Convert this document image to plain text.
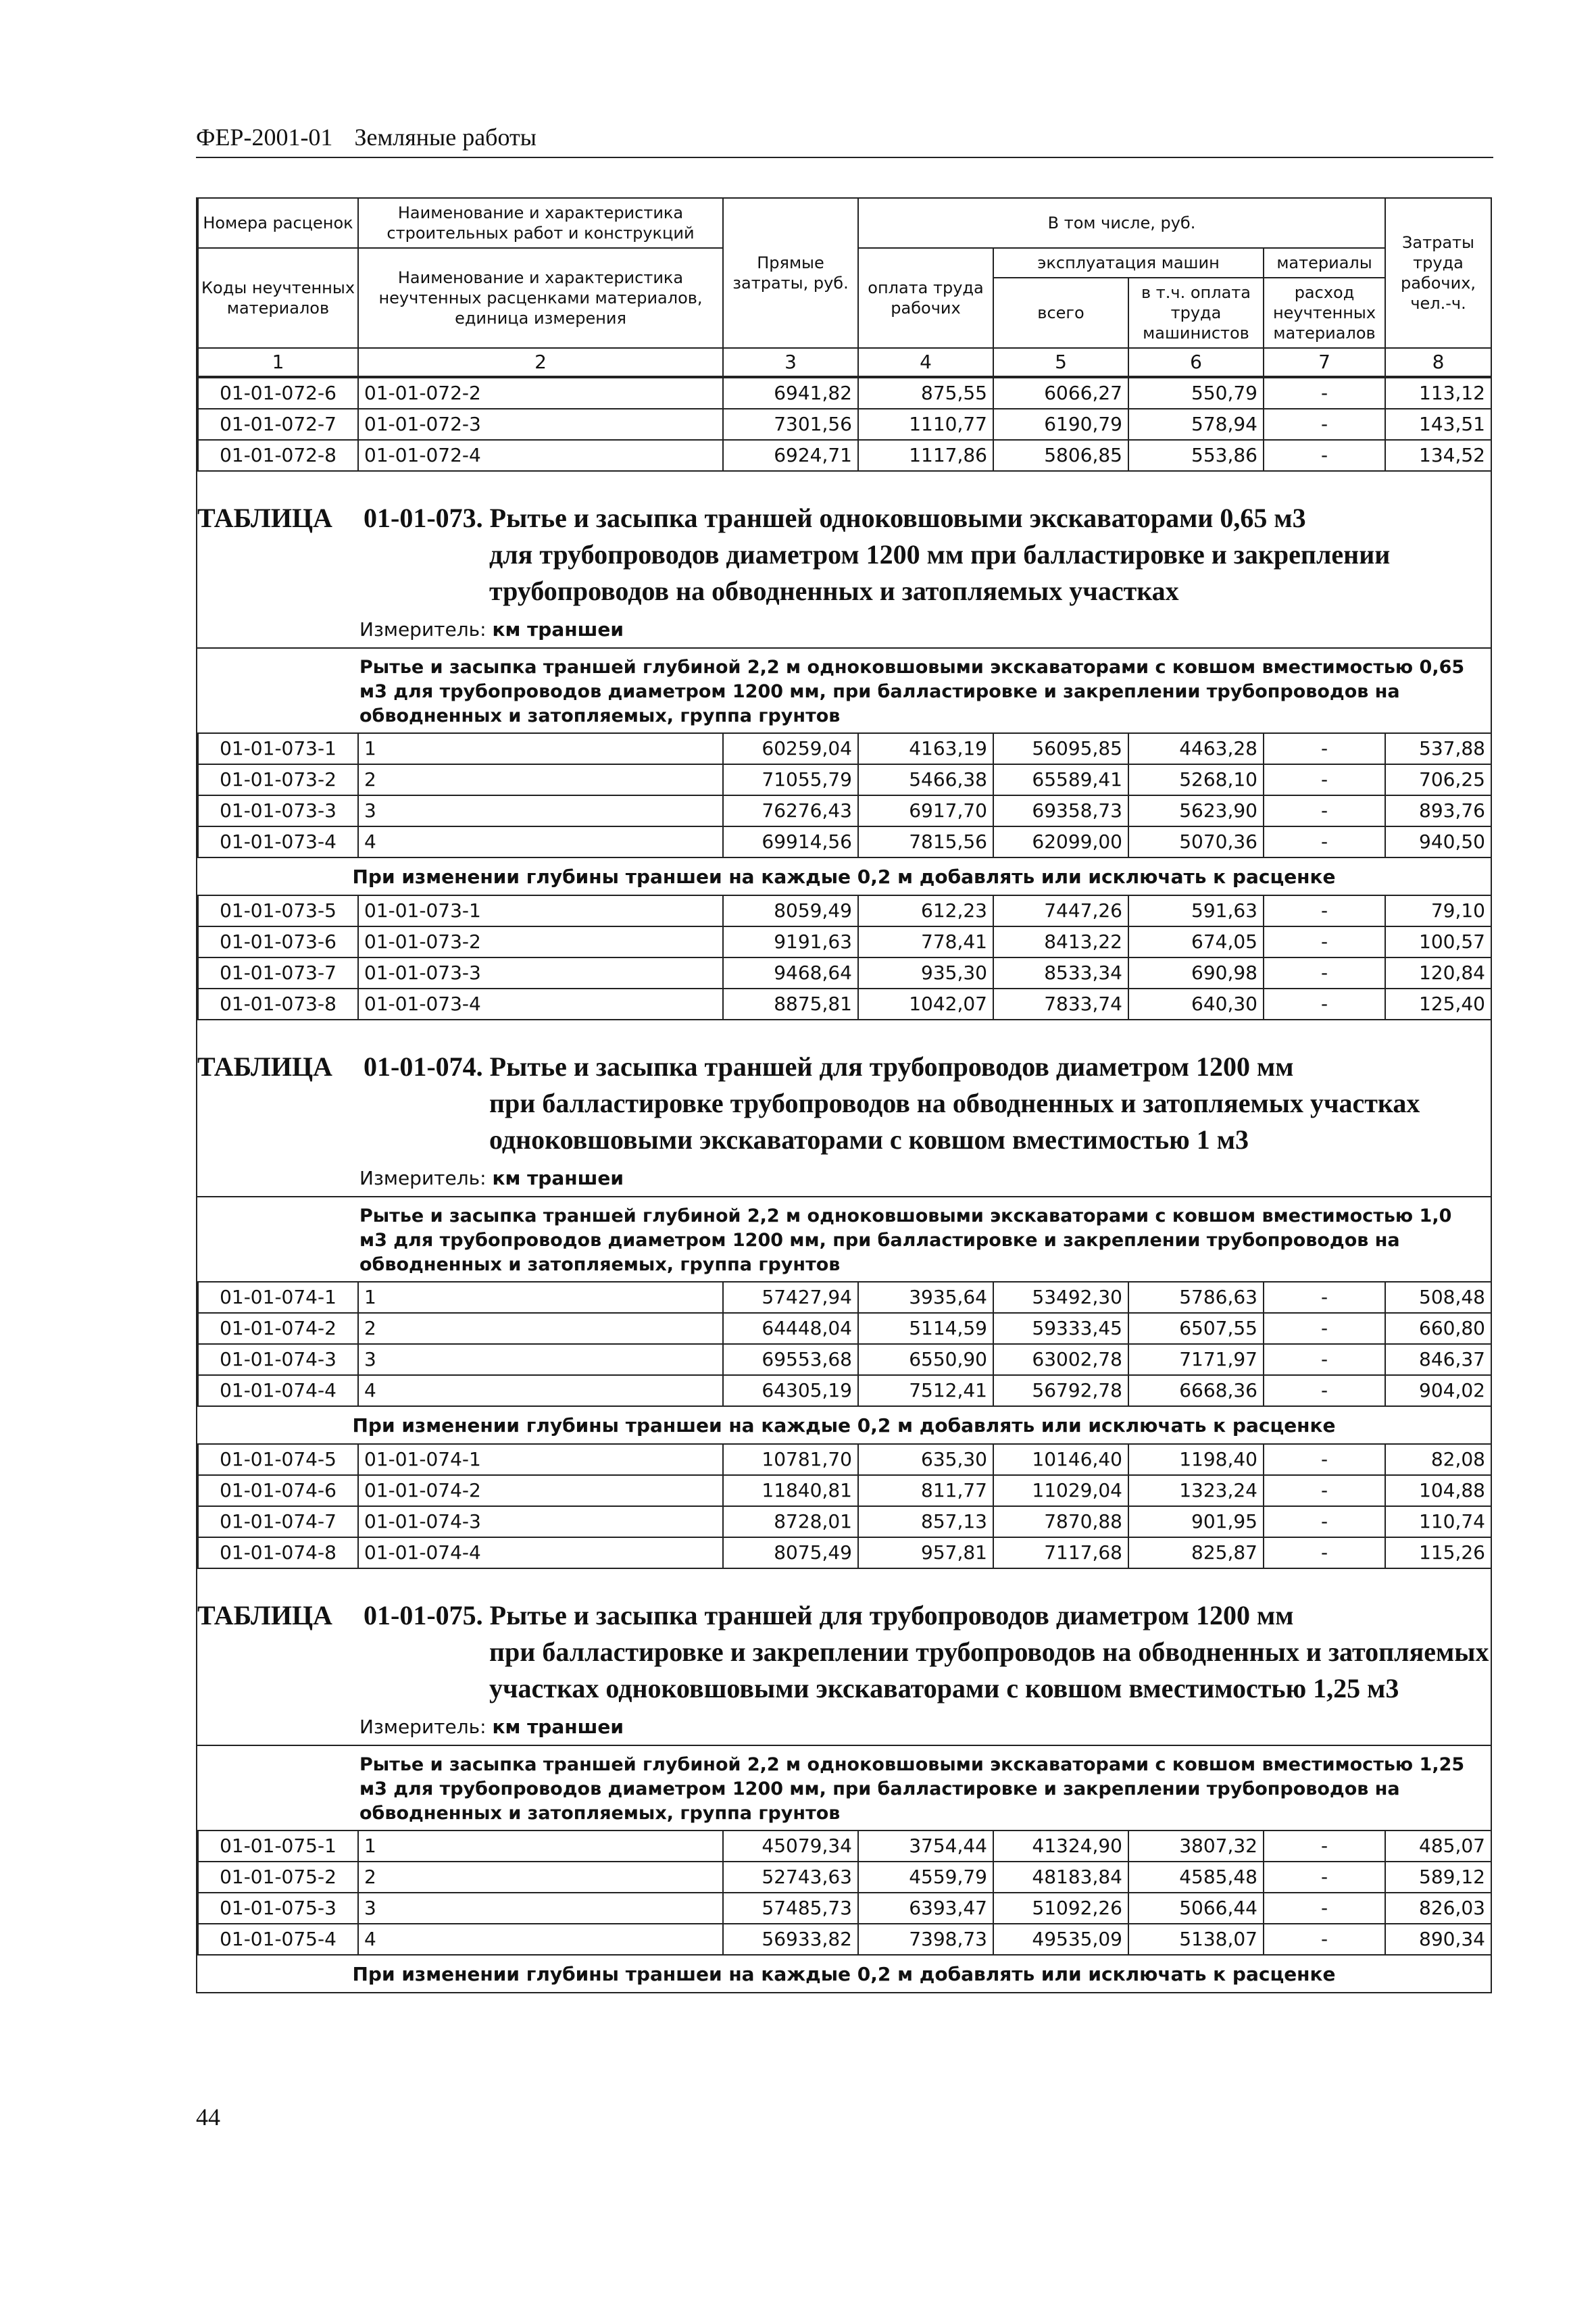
ФЕР-2001-01 Земляные работы
Номера расценок	Наименование и характеристика строительных работ и конструкций	Прямые затраты, руб.	В том числе, руб.				Затраты труда рабочих, чел.-ч.
Коды неучтенных материалов	Наименование и характеристика неучтенных расценками материалов, единица измерения		оплата труда рабочих	эксплуатация машин		материалы	
				всего	в т.ч. оплата труда машинистов	расход неучтенных материалов	
1	2	3	4	5	6	7	8
01-01-072-6	01-01-072-2	6941,82	875,55	6066,27	550,79	-	113,12
01-01-072-7	01-01-072-3	7301,56	1110,77	6190,79	578,94	-	143,51
01-01-072-8	01-01-072-4	6924,71	1117,86	5806,85	553,86	-	134,52
ТАБЛИЦА 01-01-073. Рытье и засыпка траншей одноковшовыми экскаваторами 0,65 м3
для трубопроводов диаметром 1200 мм при балластировке и закреплении трубопроводов на обводненных и затопляемых участках
Измеритель: км траншеи
Рытье и засыпка траншей глубиной 2,2 м одноковшовыми экскаваторами с ковшом вместимостью 0,65 м3 для трубопроводов диаметром 1200 мм, при балластировке и закреплении трубопроводов на обводненных и затопляемых, группа грунтов
01-01-073-1	1	60259,04	4163,19	56095,85	4463,28	-	537,88
01-01-073-2	2	71055,79	5466,38	65589,41	5268,10	-	706,25
01-01-073-3	3	76276,43	6917,70	69358,73	5623,90	-	893,76
01-01-073-4	4	69914,56	7815,56	62099,00	5070,36	-	940,50
При изменении глубины траншеи на каждые 0,2 м добавлять или исключать к расценке
01-01-073-5	01-01-073-1	8059,49	612,23	7447,26	591,63	-	79,10
01-01-073-6	01-01-073-2	9191,63	778,41	8413,22	674,05	-	100,57
01-01-073-7	01-01-073-3	9468,64	935,30	8533,34	690,98	-	120,84
01-01-073-8	01-01-073-4	8875,81	1042,07	7833,74	640,30	-	125,40
ТАБЛИЦА 01-01-074. Рытье и засыпка траншей для трубопроводов диаметром 1200 мм
при балластировке трубопроводов на обводненных и затопляемых участках одноковшовыми экскаваторами с ковшом вместимостью 1 м3
Измеритель: км траншеи
Рытье и засыпка траншей глубиной 2,2 м одноковшовыми экскаваторами с ковшом вместимостью 1,0 м3 для трубопроводов диаметром 1200 мм, при балластировке и закреплении трубопроводов на обводненных и затопляемых, группа грунтов
01-01-074-1	1	57427,94	3935,64	53492,30	5786,63	-	508,48
01-01-074-2	2	64448,04	5114,59	59333,45	6507,55	-	660,80
01-01-074-3	3	69553,68	6550,90	63002,78	7171,97	-	846,37
01-01-074-4	4	64305,19	7512,41	56792,78	6668,36	-	904,02
При изменении глубины траншеи на каждые 0,2 м добавлять или исключать к расценке
01-01-074-5	01-01-074-1	10781,70	635,30	10146,40	1198,40	-	82,08
01-01-074-6	01-01-074-2	11840,81	811,77	11029,04	1323,24	-	104,88
01-01-074-7	01-01-074-3	8728,01	857,13	7870,88	901,95	-	110,74
01-01-074-8	01-01-074-4	8075,49	957,81	7117,68	825,87	-	115,26
ТАБЛИЦА 01-01-075. Рытье и засыпка траншей для трубопроводов диаметром 1200 мм
при балластировке и закреплении трубопроводов на обводненных и затопляемых участках одноковшовыми экскаваторами с ковшом вместимостью 1,25 м3
Измеритель: км траншеи
Рытье и засыпка траншей глубиной 2,2 м одноковшовыми экскаваторами с ковшом вместимостью 1,25 м3 для трубопроводов диаметром 1200 мм, при балластировке и закреплении трубопроводов на обводненных и затопляемых, группа грунтов
01-01-075-1	1	45079,34	3754,44	41324,90	3807,32	-	485,07
01-01-075-2	2	52743,63	4559,79	48183,84	4585,48	-	589,12
01-01-075-3	3	57485,73	6393,47	51092,26	5066,44	-	826,03
01-01-075-4	4	56933,82	7398,73	49535,09	5138,07	-	890,34
При изменении глубины траншеи на каждые 0,2 м добавлять или исключать к расценке
44
